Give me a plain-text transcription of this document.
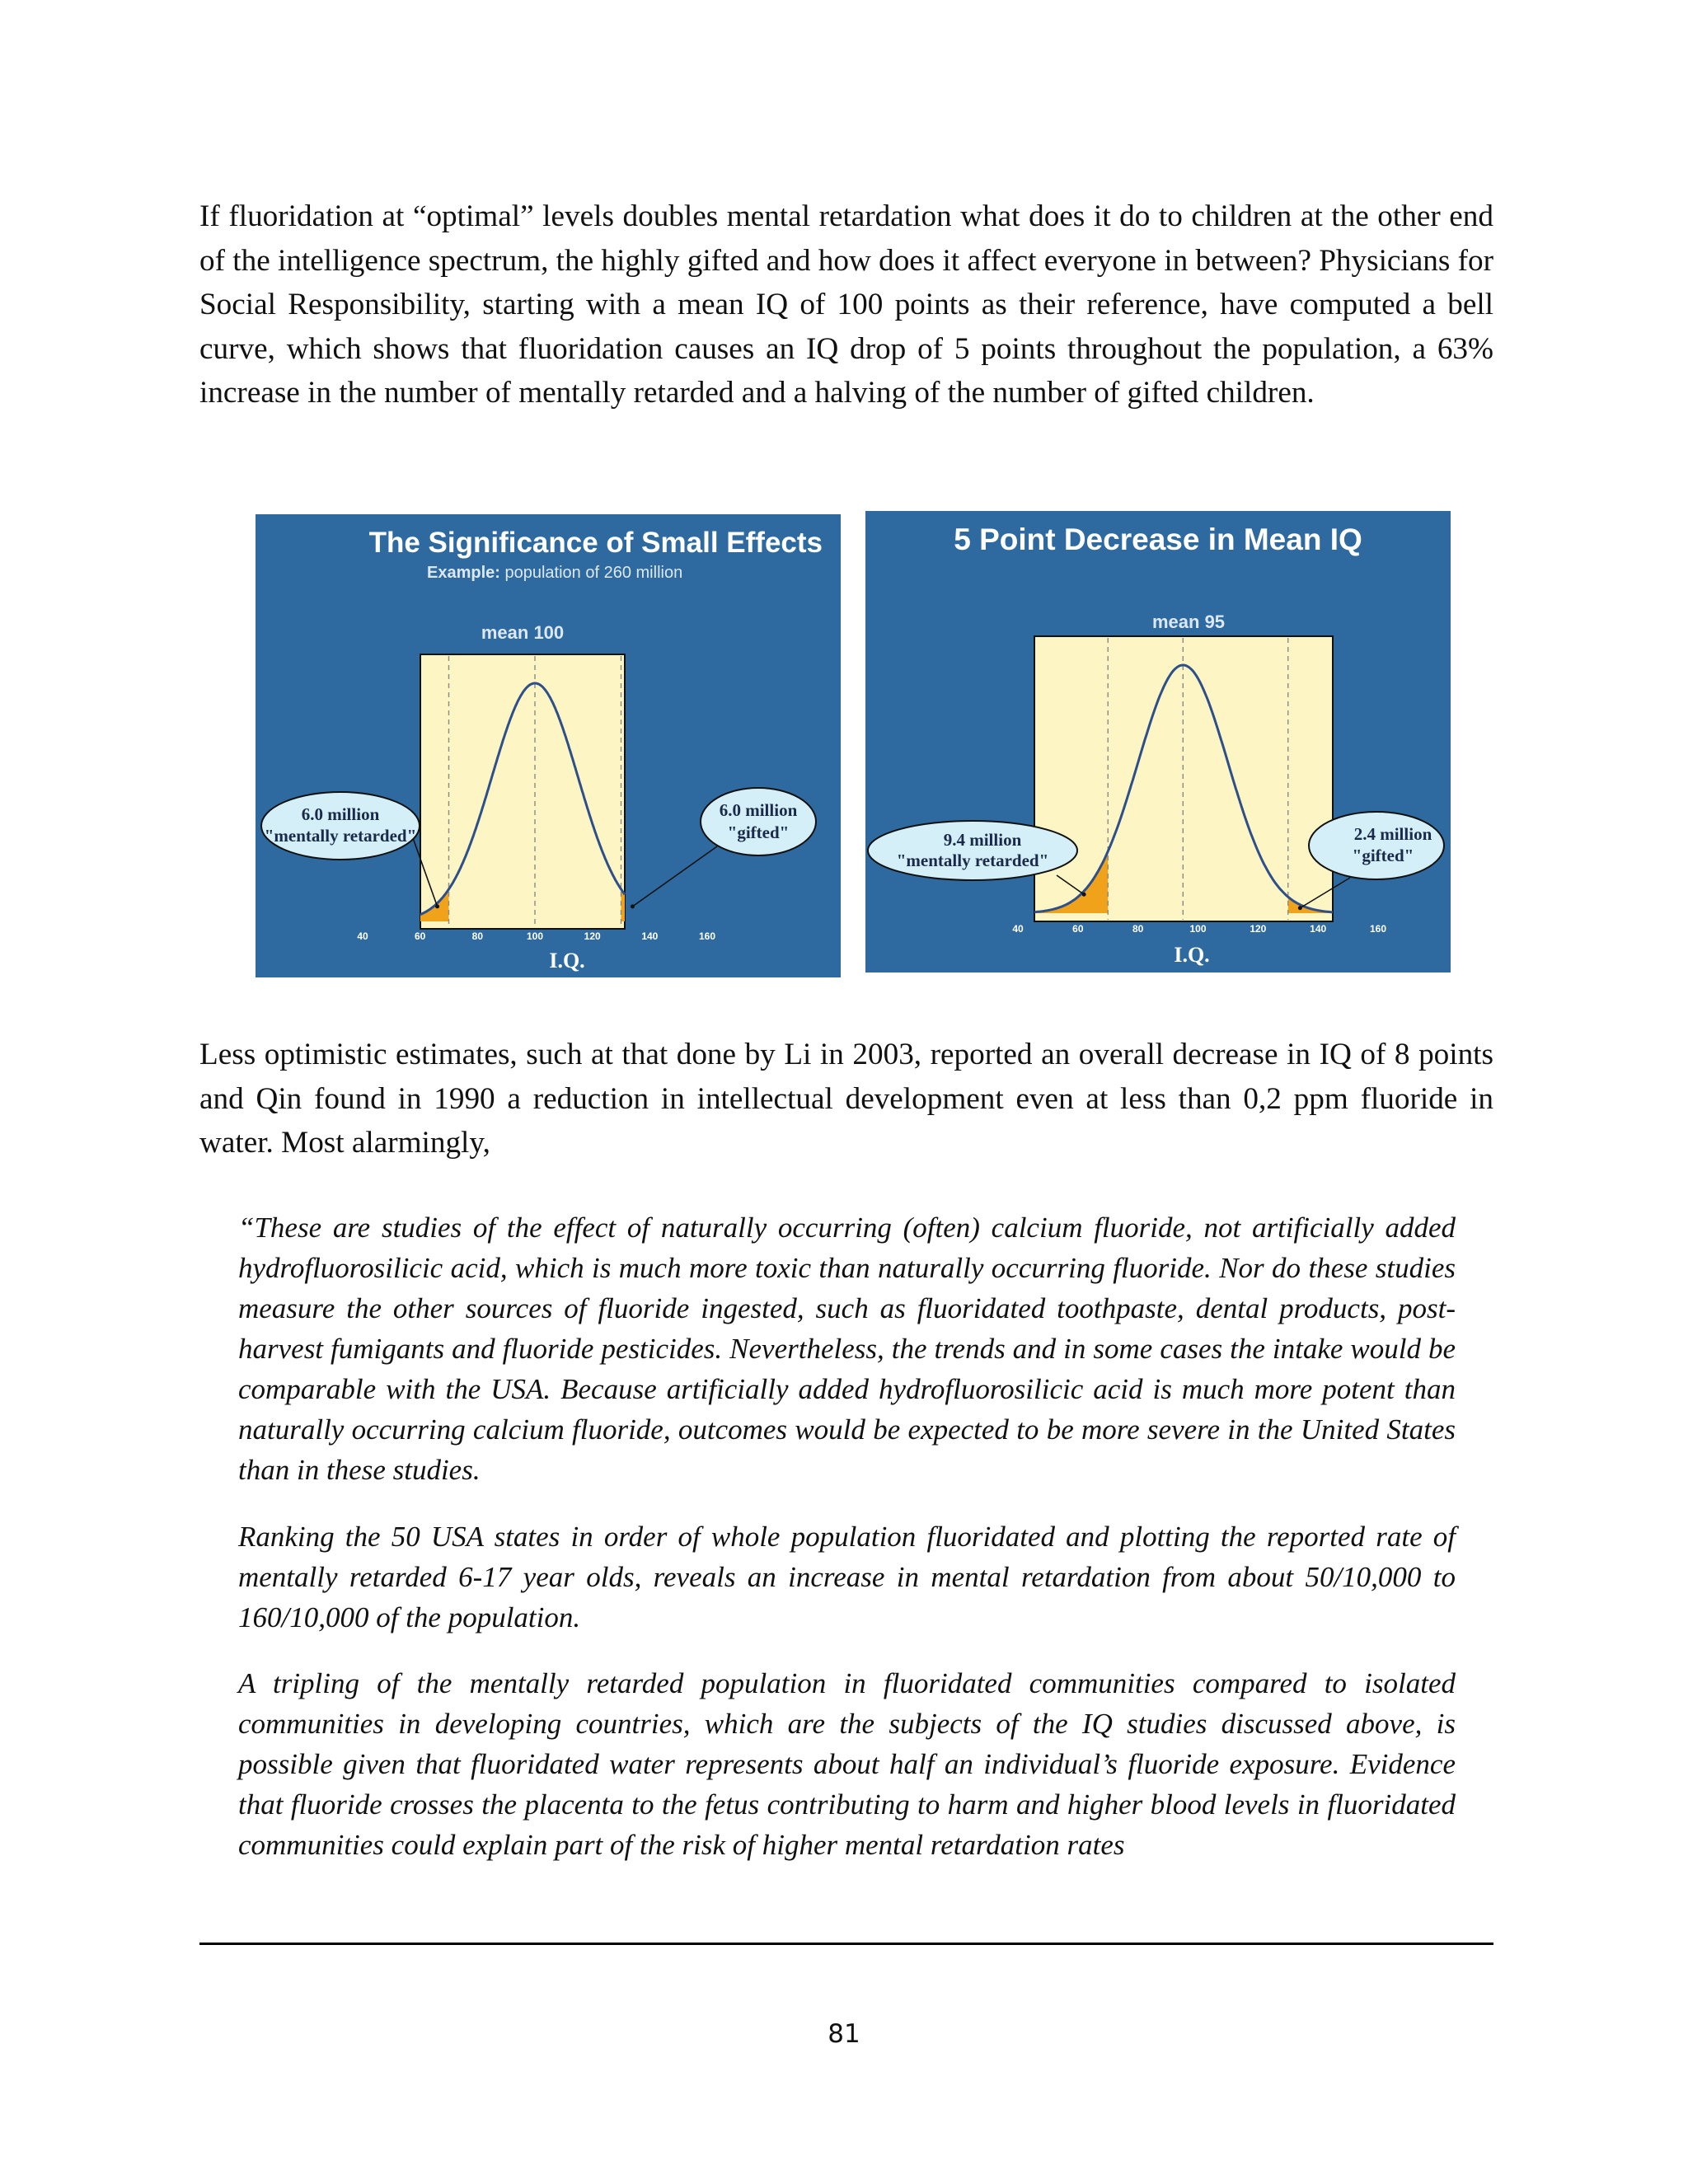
If fluoridation at “optimal” levels doubles mental retardation what does it do to children at the other end of the intelligence spectrum, the highly gifted and how does it affect everyone in between? Physicians for Social Responsibility, starting with a mean IQ of 100 points as their reference, have computed a bell curve, which shows that fluoridation causes an IQ drop of 5 points throughout the population, a 63% increase in the number of mentally retarded and a halving of the number of gifted children.

The Significance of Small Effects
Example: population of 260 million
mean 100
40	60	80	100	120	140	160
I.Q.
6.0 million
"mentally retarded"
6.0 million
"gifted"
5 Point Decrease in Mean IQ
mean 95
40	60	80	100	120	140	160
I.Q.
9.4 million
"mentally retarded"
2.4 million
"gifted"

Less optimistic estimates, such at that done by Li in 2003, reported an overall decrease in IQ of 8 points and Qin found in 1990 a reduction in intellectual development even at less than 0,2 ppm fluoride in water. Most alarmingly,

“These are studies of the effect of naturally occurring (often) calcium fluoride, not artificially added hydrofluorosilicic acid, which is much more toxic than naturally occurring fluoride. Nor do these studies measure the other sources of fluoride ingested, such as fluoridated toothpaste, dental products, post-harvest fumigants and fluoride pesticides. Nevertheless, the trends and in some cases the intake would be comparable with the USA. Because artificially added hydrofluorosilicic acid is much more potent than naturally occurring calcium fluoride, outcomes would be expected to be more severe in the United States than in these studies.

Ranking the 50 USA states in order of whole population fluoridated and plotting the reported rate of mentally retarded 6-17 year olds, reveals an increase in mental retardation from about 50/10,000 to 160/10,000 of the population.

A tripling of the mentally retarded population in fluoridated communities compared to isolated communities in developing countries, which are the subjects of the IQ studies discussed above, is possible given that fluoridated water represents about half an individual’s fluoride exposure. Evidence that fluoride crosses the placenta to the fetus contributing to harm and higher blood levels in fluoridated communities could explain part of the risk of higher mental retardation rates

81
